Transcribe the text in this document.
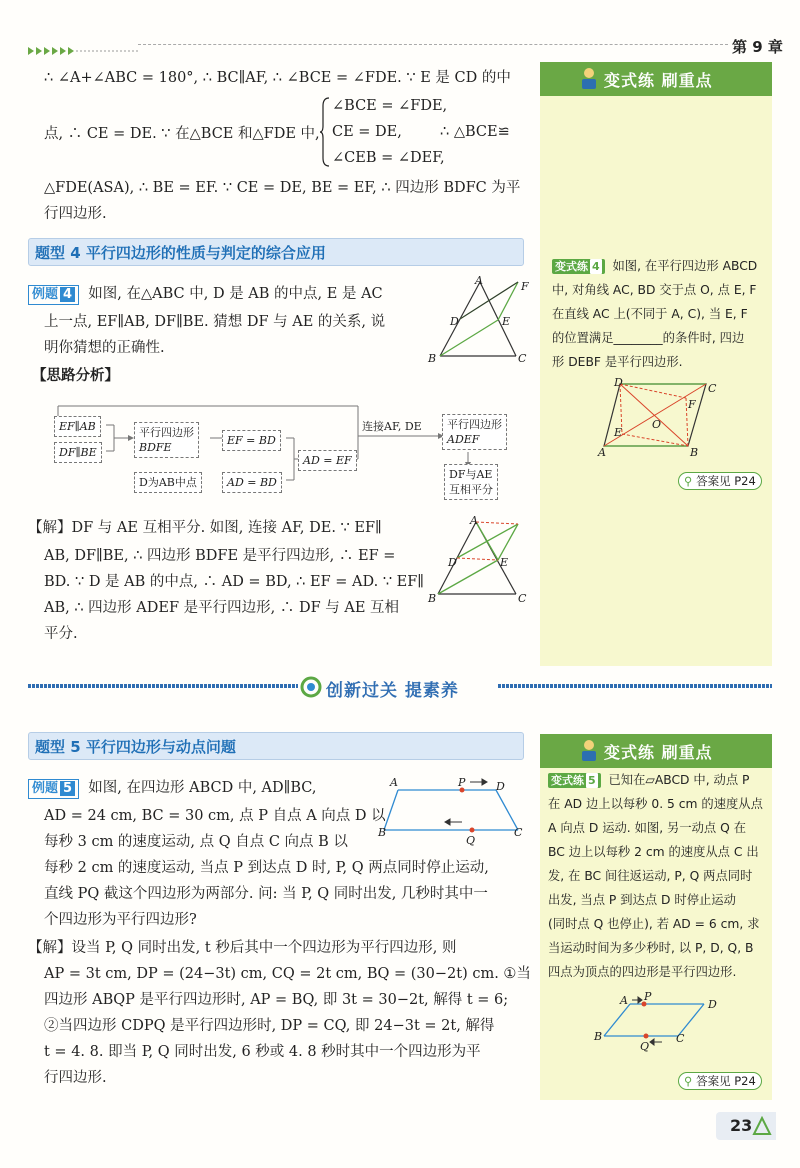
第 9 章
∴ ∠A+∠ABC = 180°, ∴ BC∥AF, ∴ ∠BCE = ∠FDE. ∵ E 是 CD 的中
点, ∴ CE = DE. ∵ 在△BCE 和△FDE 中,
∠BCE = ∠FDE,
CE = DE,
∠CEB = ∠DEF,
∴ △BCE≌
△FDE(ASA), ∴ BE = EF. ∵ CE = DE, BE = EF, ∴ 四边形 BDFC 为平
行四边形.
题型 4 平行四边形的性质与判定的综合应用
例题 4 如图, 在△ABC 中, D 是 AB 的中点, E 是 AC
上一点, EF∥AB, DF∥BE. 猜想 DF 与 AE 的关系, 说
明你猜想的正确性.
【思路分析】
A	F
D	E
B	C
EF∥AB
DF∥BE
平行四边形
BDFE
EF = BD
D为AB中点	AD = BD
AD = EF
连接AF, DE 平行四边形
ADEF
DF与AE
互相平分
【解】DF 与 AE 互相平分. 如图, 连接 AF, DE. ∵ EF∥
AB, DF∥BE, ∴ 四边形 BDFE 是平行四边形, ∴ EF =
BD. ∵ D 是 AB 的中点, ∴ AD = BD, ∴ EF = AD. ∵ EF∥
AB, ∴ 四边形 ADEF 是平行四边形, ∴ DF 与 AE 互相
平分.
A
D	E
B	C
变式练 刷重点
变式练 4 如图, 在平行四边形 ABCD
中, 对角线 AC, BD 交于点 O, 点 E, F
在直线 AC 上(不同于 A, C), 当 E, F
的位置满足________的条件时, 四边
形 DEBF 是平行四边形.
D	C
F
O
E
A	B
⚲ 答案见 P24
创新过关 提素养
题型 5 平行四边形与动点问题
例题 5 如图, 在四边形 ABCD 中, AD∥BC,
AD = 24 cm, BC = 30 cm, 点 P 自点 A 向点 D 以
每秒 3 cm 的速度运动, 点 Q 自点 C 向点 B 以
每秒 2 cm 的速度运动, 当点 P 到达点 D 时, P, Q 两点同时停止运动,
直线 PQ 截这个四边形为两部分. 问: 当 P, Q 同时出发, 几秒时其中一
个四边形为平行四边形?
【解】设当 P, Q 同时出发, t 秒后其中一个四边形为平行四边形, 则
AP = 3t cm, DP = (24−3t) cm, CQ = 2t cm, BQ = (30−2t) cm. ①当
四边形 ABQP 是平行四边形时, AP = BQ, 即 3t = 30−2t, 解得 t = 6;
②当四边形 CDPQ 是平行四边形时, DP = CQ, 即 24−3t = 2t, 解得
t = 4. 8. 即当 P, Q 同时出发, 6 秒或 4. 8 秒时其中一个四边形为平
行四边形.
A	P	D
B
Q
C
变式练 刷重点
变式练 5 已知在▱ABCD 中, 动点 P
在 AD 边上以每秒 0. 5 cm 的速度从点
A 向点 D 运动. 如图, 另一动点 Q 在
BC 边上以每秒 2 cm 的速度从点 C 出
发, 在 BC 间往返运动, P, Q 两点同时
出发, 当点 P 到达点 D 时停止运动
(同时点 Q 也停止), 若 AD = 6 cm, 求
当运动时间为多少秒时, 以 P, D, Q, B
四点为顶点的四边形是平行四边形.
A P
D
B
Q
C
⚲ 答案见 P24
23
